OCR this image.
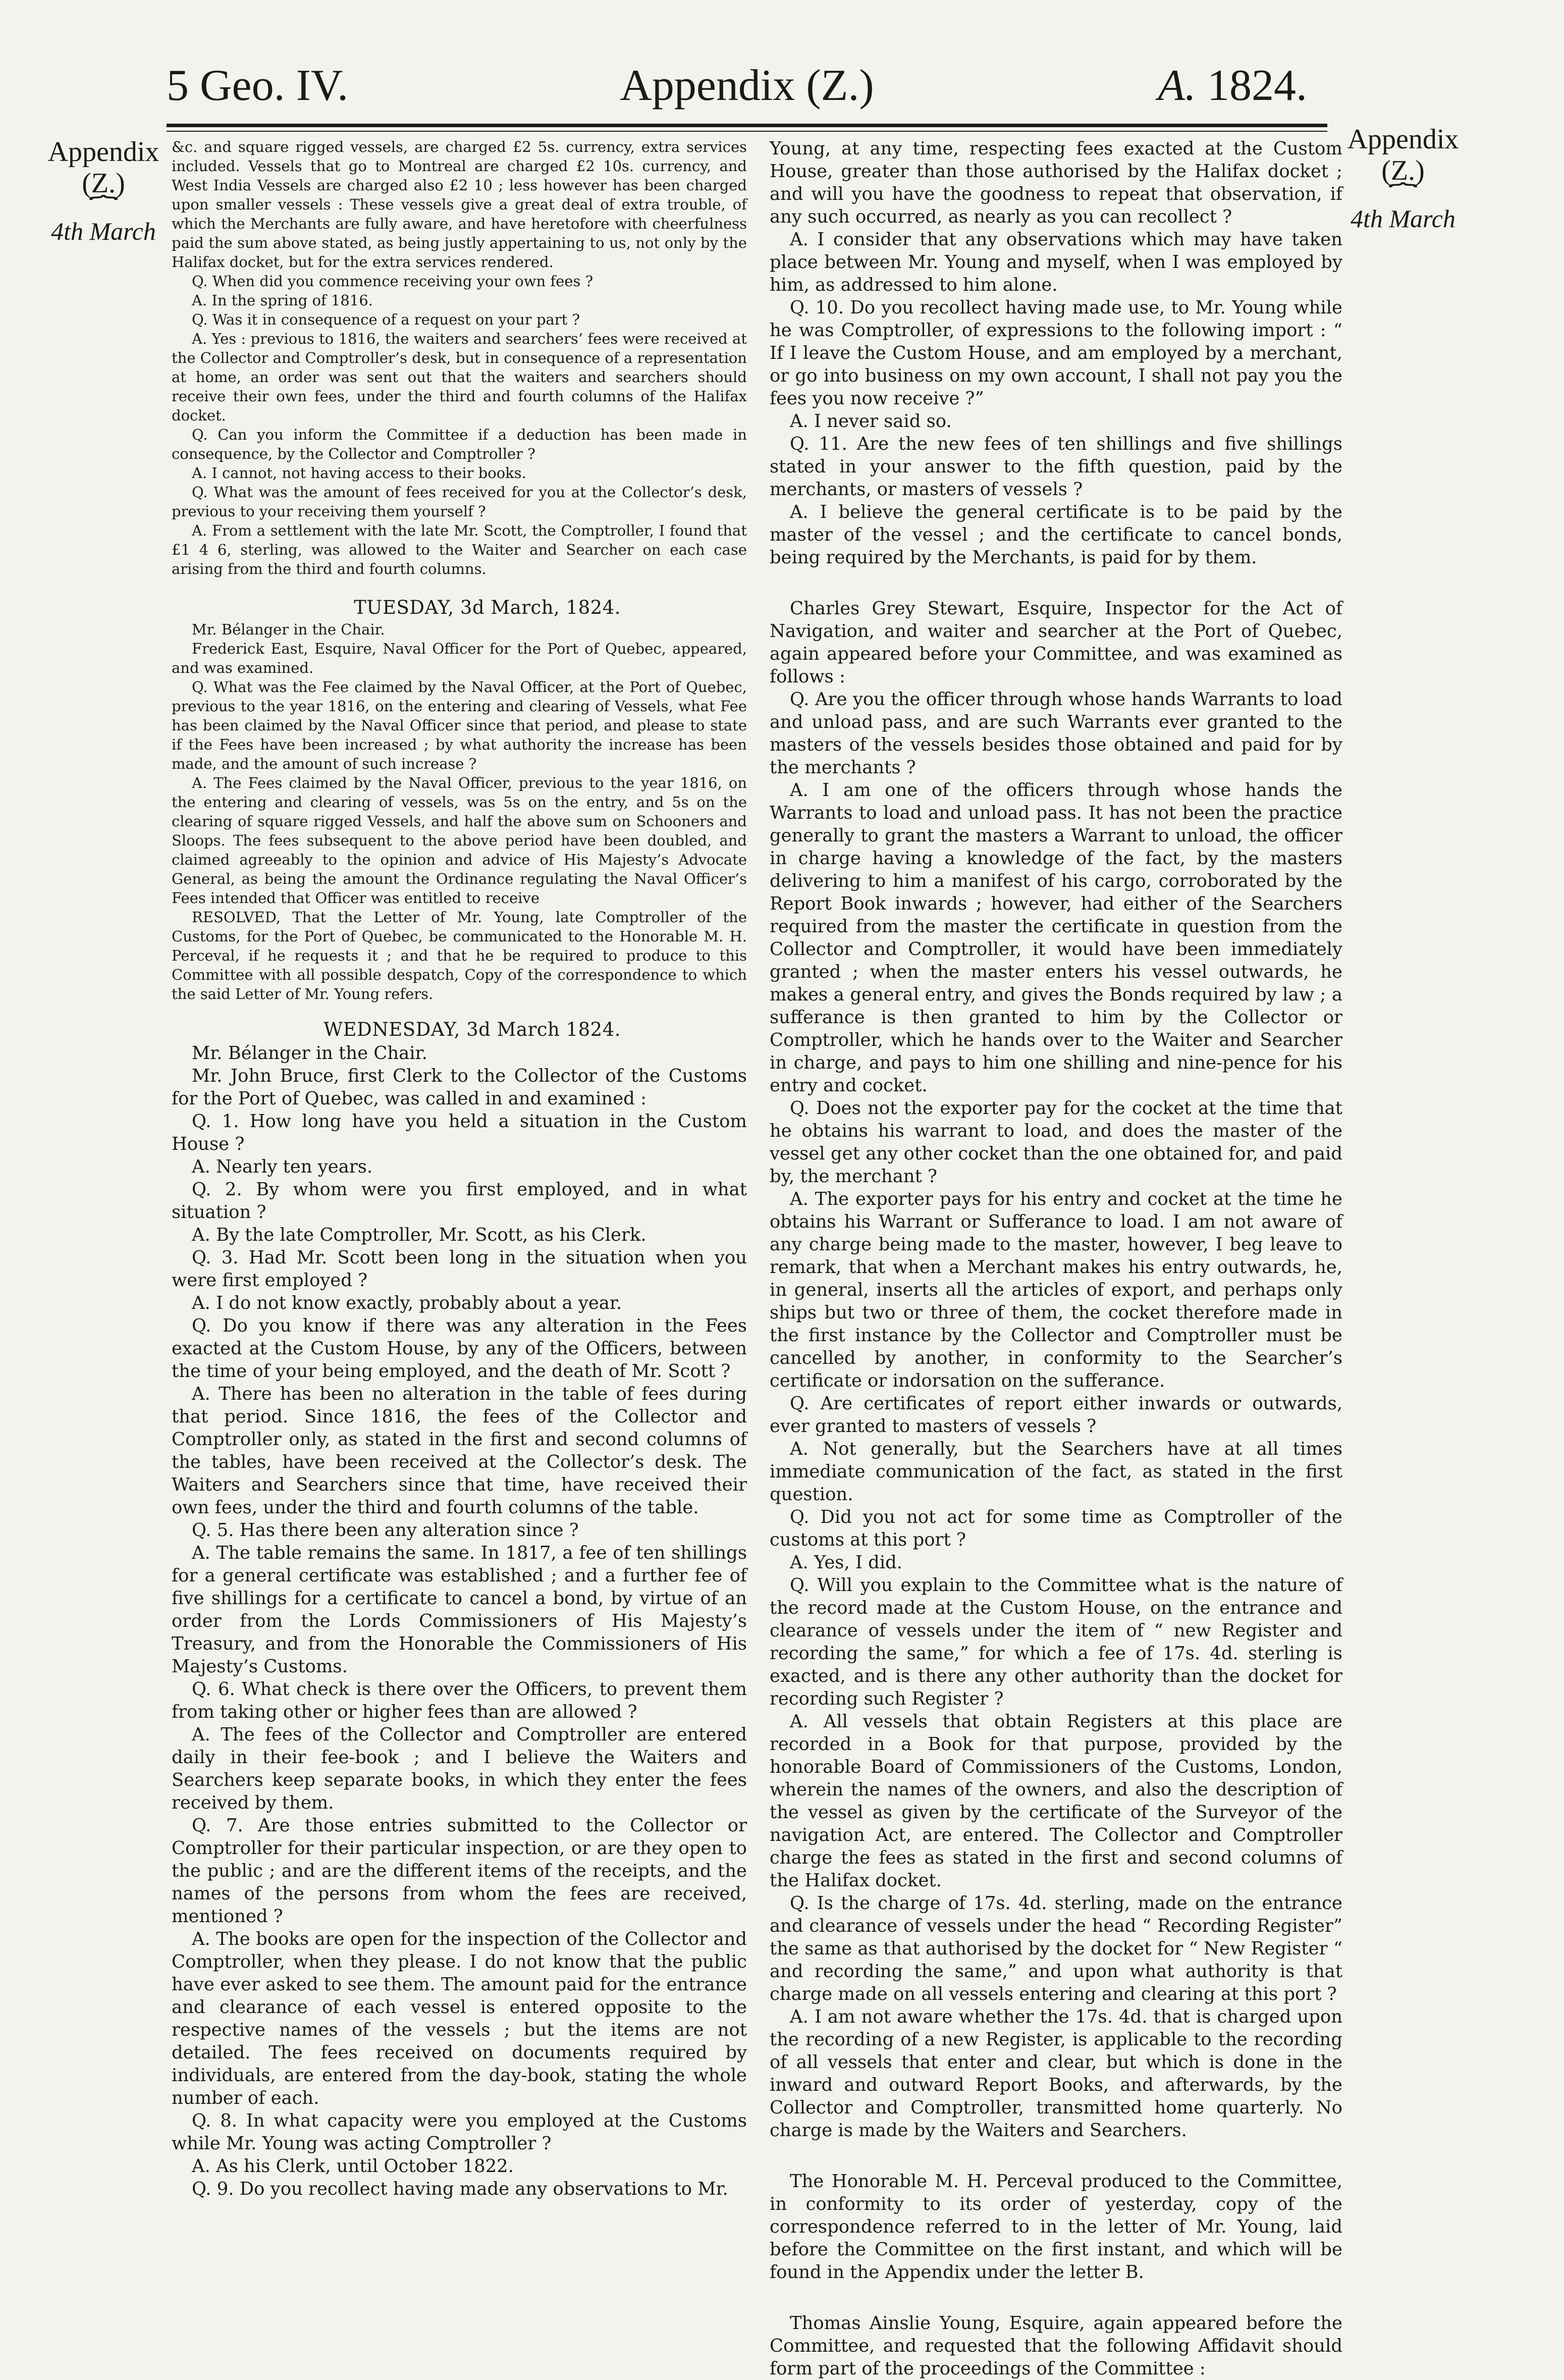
5 Geo. IV.	Appendix (Z.)	A. 1824.
Appendix
(Z.)
⏞
4th March
Appendix
(Z.)
⏞
4th March

&c. and square rigged vessels, are charged £2 5s. currency, extra services included. Vessels that go to Montreal are charged £2 10s. currency, and West India Vessels are charged also £2 10 ; less however has been charged upon smaller vessels : These vessels give a great deal of extra trouble, of which the Merchants are fully aware, and have heretofore with cheerfulness paid the sum above stated, as being justly appertaining to us, not only by the Halifax docket, but for the extra services rendered.

Q. When did you commence receiving your own fees ?

A. In the spring of 1816.

Q. Was it in consequence of a request on your part ?

A. Yes : previous to 1816, the waiters and searchers’ fees were received at the Collector and Comptroller’s desk, but in consequence of a representation at home, an order was sent out that the waiters and searchers should receive their own fees, under the third and fourth columns of the Halifax docket.

Q. Can you inform the Committee if a deduction has been made in consequence, by the Collector and Comptroller ?

A. I cannot, not having access to their books.

Q. What was the amount of fees received for you at the Collector’s desk, previous to your receiving them yourself ?

A. From a settlement with the late Mr. Scott, the Comptroller, I found that £1 4 6, sterling, was allowed to the Waiter and Searcher on each case arising from the third and fourth columns.

TUESDAY, 3d March, 1824.

Mr. Bélanger in the Chair.

Frederick East, Esquire, Naval Officer for the Port of Quebec, appeared, and was examined.

Q. What was the Fee claimed by the Naval Officer, at the Port of Quebec, previous to the year 1816, on the entering and clearing of Vessels, what Fee has been claimed by the Naval Officer since that period, and please to state if the Fees have been increased ; by what authority the increase has been made, and the amount of such increase ?

A. The Fees claimed by the Naval Officer, previous to the year 1816, on the entering and clearing of vessels, was 5s on the entry, and 5s on the clearing of square rigged Vessels, and half the above sum on Schooners and Sloops. The fees subsequent to the above period have been doubled, and claimed agreeably to the opinion and advice of His Majesty’s Advocate General, as being the amount the Ordinance regulating the Naval Officer’s Fees intended that Officer was entitled to receive

RESOLVED, That the Letter of Mr. Young, late Comptroller of the Customs, for the Port of Quebec, be communicated to the Honorable M. H. Perceval, if he requests it ; and that he be required to produce to this Committee with all possible despatch, Copy of the correspondence to which the said Letter of Mr. Young refers.

WEDNESDAY, 3d March 1824.

Mr. Bélanger in the Chair.

Mr. John Bruce, first Clerk to the Collector of the Customs for the Port of Quebec, was called in and examined :

Q. 1. How long have you held a situation in the Custom House ?

A. Nearly ten years.

Q. 2. By whom were you first employed, and in what situation ?

A. By the late Comptroller, Mr. Scott, as his Clerk.

Q. 3. Had Mr. Scott been long in the situation when you were first employed ?

A. I do not know exactly, probably about a year.

Q. Do you know if there was any alteration in the Fees exacted at the Custom House, by any of the Officers, between the time of your being employed, and the death of Mr. Scott ?

A. There has been no alteration in the table of fees during that period. Since 1816, the fees of the Collector and Comptroller only, as stated in the first and second columns of the tables, have been received at the Collector’s desk. The Waiters and Searchers since that time, have received their own fees, under the third and fourth columns of the table.

Q. 5. Has there been any alteration since ?

A. The table remains the same. In 1817, a fee of ten shillings for a general certificate was established ; and a further fee of five shillings for a certificate to cancel a bond, by virtue of an order from the Lords Commissioners of His Majesty’s Treasury, and from the Honorable the Commissioners of His Majesty’s Customs.

Q. 6. What check is there over the Officers, to prevent them from taking other or higher fees than are allowed ?

A. The fees of the Collector and Comptroller are entered daily in their fee-book ; and I believe the Waiters and Searchers keep separate books, in which they enter the fees received by them.

Q. 7. Are those entries submitted to the Collector or Comptroller for their particular inspection, or are they open to the public ; and are the different items of the receipts, and the names of the persons from whom the fees are received, mentioned ?

A. The books are open for the inspection of the Collector and Comptroller, when they please. I do not know that the public have ever asked to see them. The amount paid for the entrance and clearance of each vessel is entered opposite to the respective names of the vessels ; but the items are not detailed. The fees received on documents required by individuals, are entered from the day-book, stating the whole number of each.

Q. 8. In what capacity were you employed at the Customs while Mr. Young was acting Comptroller ?

A. As his Clerk, until October 1822.

Q. 9. Do you recollect having made any observations to Mr.

Young, at any time, respecting fees exacted at the Custom House, greater than those authorised by the Halifax docket ; and will you have the goodness to repeat that observation, if any such occurred, as nearly as you can recollect ?

A. I consider that any observations which may have taken place between Mr. Young and myself, when I was employed by him, as addressed to him alone.

Q. 10. Do you recollect having made use, to Mr. Young while he was Comptroller, of expressions to the following import : “ If I leave the Custom House, and am employed by a merchant, or go into business on my own account, I shall not pay you the fees you now receive ?”

A. I never said so.

Q. 11. Are the new fees of ten shillings and five shillings stated in your answer to the fifth question, paid by the merchants, or masters of vessels ?

A. I believe the general certificate is to be paid by the master of the vessel ; and the certificate to cancel bonds, being required by the Merchants, is paid for by them.

Charles Grey Stewart, Esquire, Inspector for the Act of Navigation, and waiter and searcher at the Port of Quebec, again appeared before your Committee, and was examined as follows :

Q. Are you the officer through whose hands Warrants to load and unload pass, and are such Warrants ever granted to the masters of the vessels besides those obtained and paid for by the merchants ?

A. I am one of the officers through whose hands the Warrants to load and unload pass. It has not been the practice generally to grant the masters a Warrant to unload, the officer in charge having a knowledge of the fact, by the masters delivering to him a manifest of his cargo, corroborated by the Report Book inwards ; however, had either of the Searchers required from the master the certificate in question from the Collector and Comptroller, it would have been immediately granted ; when the master enters his vessel outwards, he makes a general entry, and gives the Bonds required by law ; a sufferance is then granted to him by the Collector or Comptroller, which he hands over to the Waiter and Searcher in charge, and pays to him one shilling and nine-pence for his entry and cocket.

Q. Does not the exporter pay for the cocket at the time that he obtains his warrant to load, and does the master of the vessel get any other cocket than the one obtained for, and paid by, the merchant ?

A. The exporter pays for his entry and cocket at the time he obtains his Warrant or Sufferance to load. I am not aware of any charge being made to the master, however, I beg leave to remark, that when a Merchant makes his entry outwards, he, in general, inserts all the articles of export, and perhaps only ships but two or three of them, the cocket therefore made in the first instance by the Collector and Comptroller must be cancelled by another, in conformity to the Searcher’s certificate or indorsation on the sufferance.

Q. Are certificates of report either inwards or outwards, ever granted to masters of vessels ?

A. Not generally, but the Searchers have at all times immediate communication of the fact, as stated in the first question.

Q. Did you not act for some time as Comptroller of the customs at this port ?

A. Yes, I did.

Q. Will you explain to the Committee what is the nature of the record made at the Custom House, on the entrance and clearance of vessels under the item of “ new Register and recording the same,” for which a fee of 17s. 4d. sterling is exacted, and is there any other authority than the docket for recording such Register ?

A. All vessels that obtain Registers at this place are recorded in a Book for that purpose, provided by the honorable Board of Commissioners of the Customs, London, wherein the names of the owners, and also the description of the vessel as given by the certificate of the Surveyor of the navigation Act, are entered. The Collector and Comptroller charge the fees as stated in the first and second columns of the Halifax docket.

Q. Is the charge of 17s. 4d. sterling, made on the entrance and clearance of vessels under the head “ Recording Register” the same as that authorised by the docket for “ New Register “ and recording the same,” and upon what authority is that charge made on all vessels entering and clearing at this port ?

A. I am not aware whether the 17s. 4d. that is charged upon the recording of a new Register, is applicable to the recording of all vessels that enter and clear, but which is done in the inward and outward Report Books, and afterwards, by the Collector and Comptroller, transmitted home quarterly. No charge is made by the Waiters and Searchers.

The Honorable M. H. Perceval produced to the Committee, in conformity to its order of yesterday, copy of the correspondence referred to in the letter of Mr. Young, laid before the Committee on the first instant, and which will be found in the Appendix under the letter B.

Thomas Ainslie Young, Esquire, again appeared before the Committee, and requested that the following Affidavit should form part of the proceedings of the Committee :
